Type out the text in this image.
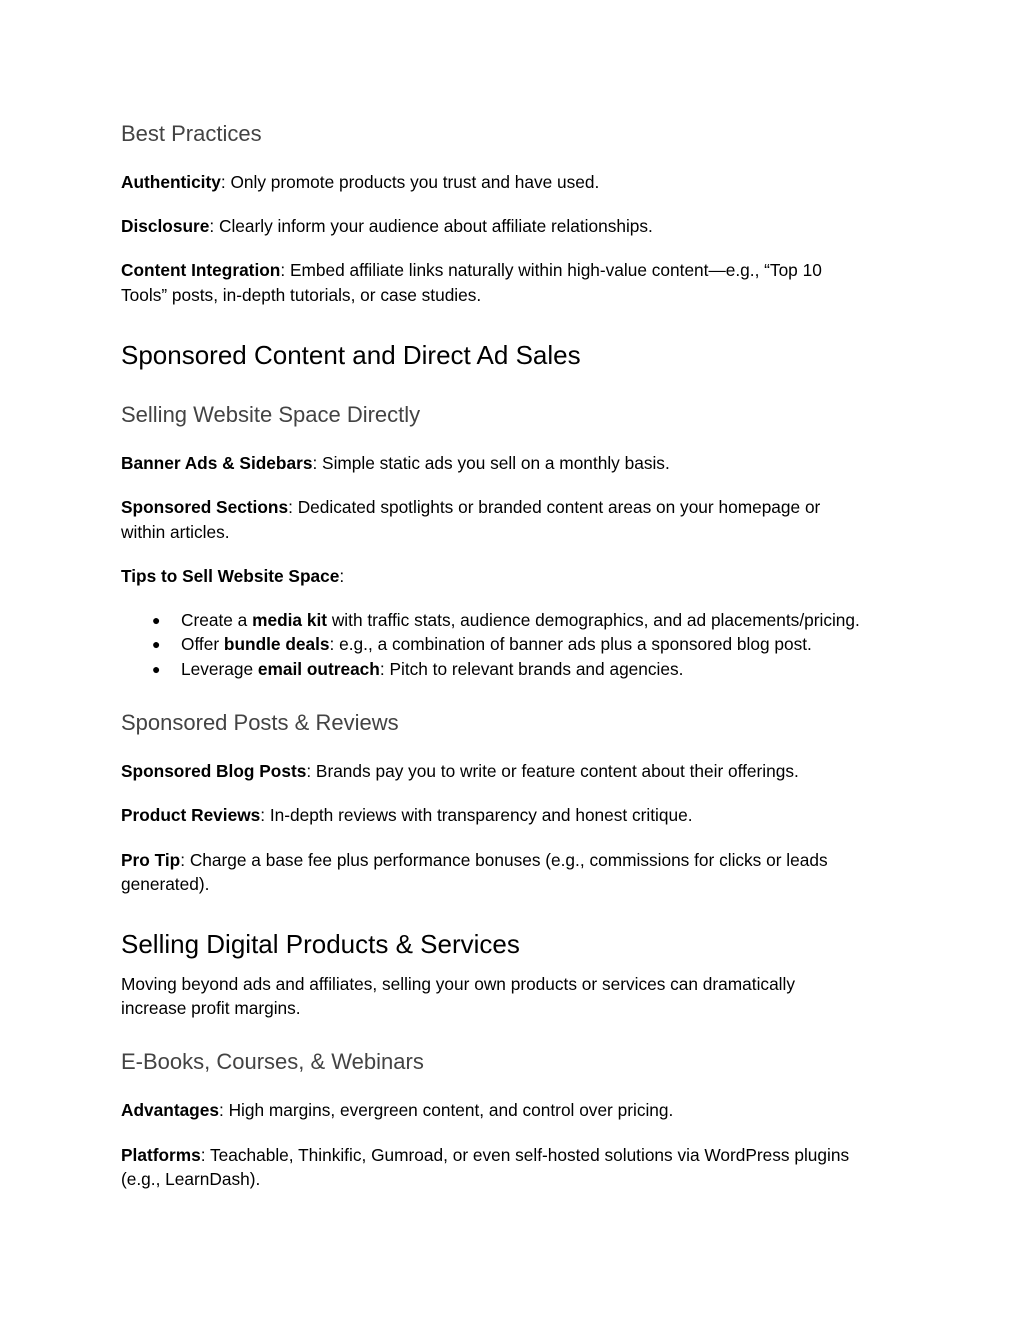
Best Practices

Authenticity: Only promote products you trust and have used.

Disclosure: Clearly inform your audience about affiliate relationships.

Content Integration: Embed affiliate links naturally within high-value content—e.g., “Top 10

Tools” posts, in-depth tutorials, or case studies.

Sponsored Content and Direct Ad Sales
Selling Website Space Directly

Banner Ads & Sidebars: Simple static ads you sell on a monthly basis.

Sponsored Sections: Dedicated spotlights or branded content areas on your homepage or

within articles.

Tips to Sell Website Space:

● Create a media kit with traffic stats, audience demographics, and ad placements/pricing.
● Offer bundle deals: e.g., a combination of banner ads plus a sponsored blog post.
● Leverage email outreach: Pitch to relevant brands and agencies.
Sponsored Posts & Reviews

Sponsored Blog Posts: Brands pay you to write or feature content about their offerings.

Product Reviews: In-depth reviews with transparency and honest critique.

Pro Tip: Charge a base fee plus performance bonuses (e.g., commissions for clicks or leads

generated).

Selling Digital Products & Services

Moving beyond ads and affiliates, selling your own products or services can dramatically

increase profit margins.

E-Books, Courses, & Webinars

Advantages: High margins, evergreen content, and control over pricing.

Platforms: Teachable, Thinkific, Gumroad, or even self-hosted solutions via WordPress plugins

(e.g., LearnDash).
